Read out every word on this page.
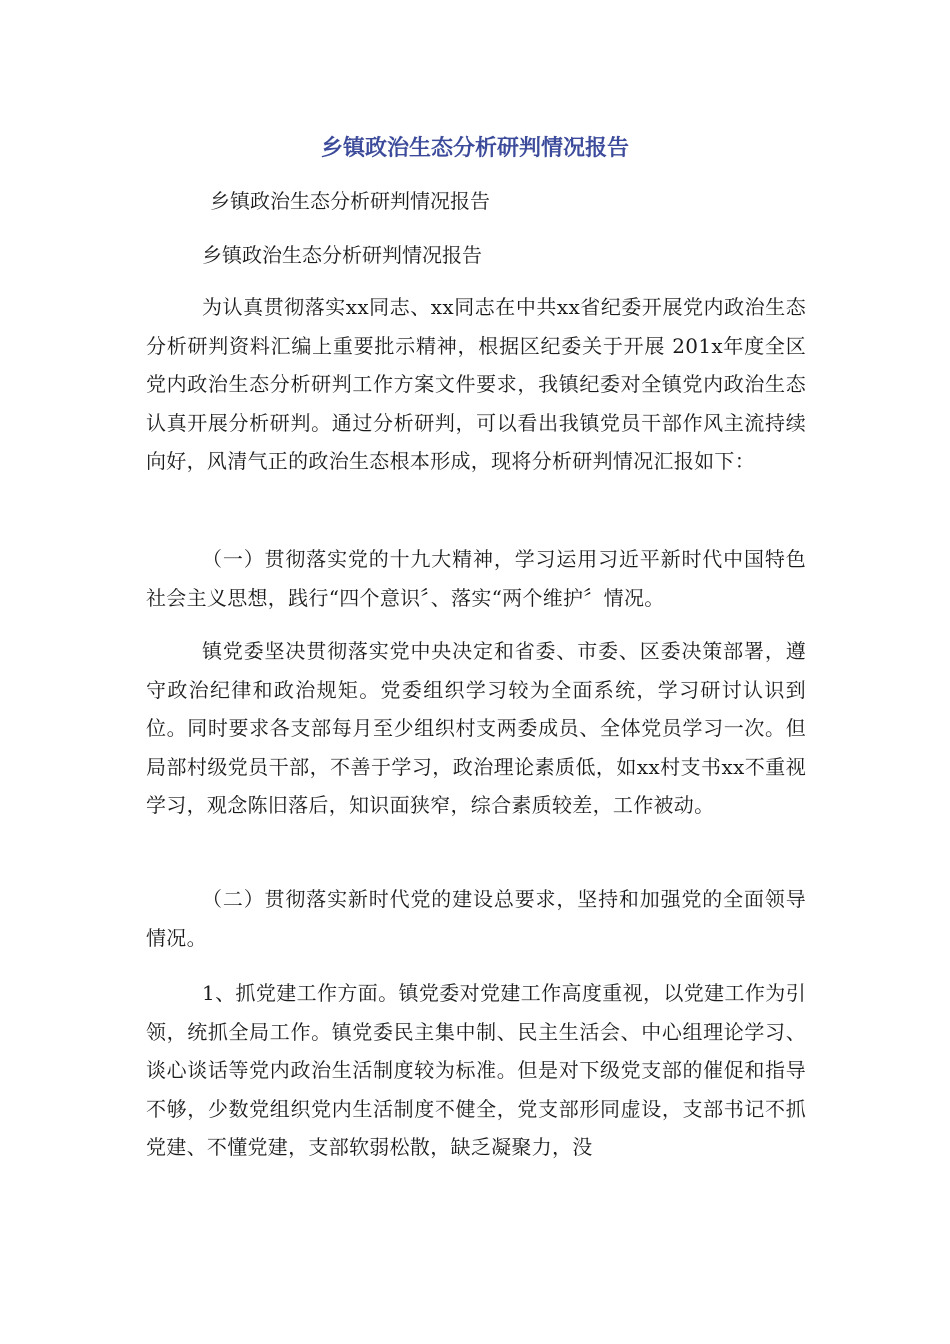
乡镇政治生态分析研判情况报告

乡镇政治生态分析研判情况报告

乡镇政治生态分析研判情况报告

为认真贯彻落实xx同志、xx同志在中共xx省纪委开展党内政治生态分析研判资料汇编上重要批示精神，根据区纪委关于开展 201x年度全区党内政治生态分析研判工作方案文件要求，我镇纪委对全镇党内政治生态认真开展分析研判。通过分析研判，可以看出我镇党员干部作风主流持续向好，风清气正的政治生态根本形成，现将分析研判情况汇报如下：

（一）贯彻落实党的十九大精神，学习运用习近平新时代中国特色社会主义思想，践行“四个意识〞、落实“两个维护〞情况。

镇党委坚决贯彻落实党中央决定和省委、市委、区委决策部署，遵守政治纪律和政治规矩。党委组织学习较为全面系统，学习研讨认识到位。同时要求各支部每月至少组织村支两委成员、全体党员学习一次。但局部村级党员干部，不善于学习，政治理论素质低，如xx村支书xx不重视学习，观念陈旧落后，知识面狭窄，综合素质较差，工作被动。

（二）贯彻落实新时代党的建设总要求，坚持和加强党的全面领导情况。

1、抓党建工作方面。镇党委对党建工作高度重视，以党建工作为引领，统抓全局工作。镇党委民主集中制、民主生活会、中心组理论学习、谈心谈话等党内政治生活制度较为标准。但是对下级党支部的催促和指导不够，少数党组织党内生活制度不健全，党支部形同虚设，支部书记不抓党建、不懂党建，支部软弱松散，缺乏凝聚力，没
